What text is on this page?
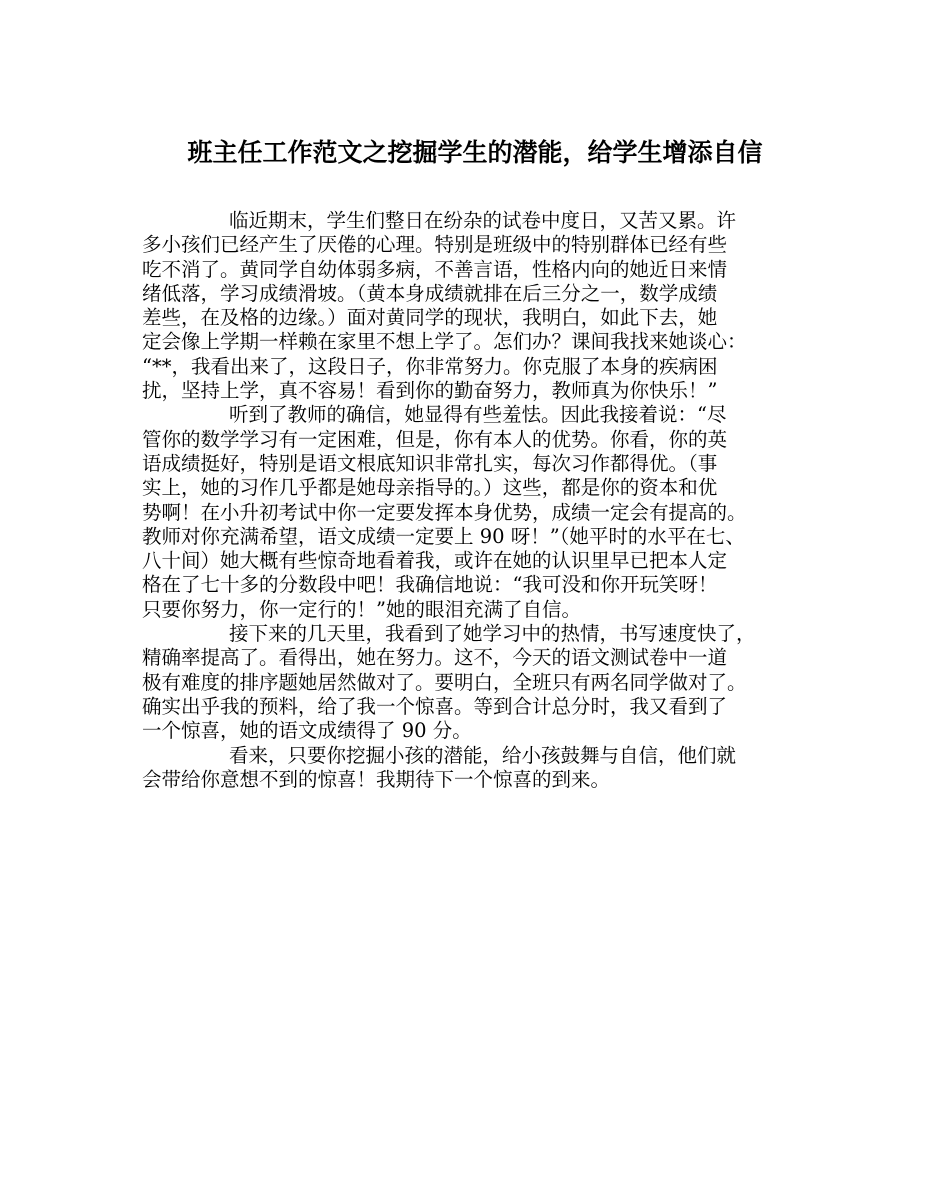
班主任工作范文之挖掘学生的潜能，给学生增添自信
临近期末，学生们整日在纷杂的试卷中度日，又苦又累。许
多小孩们已经产生了厌倦的心理。特别是班级中的特别群体已经有些
吃不消了。黄同学自幼体弱多病，不善言语，性格内向的她近日来情
绪低落，学习成绩滑坡。（黄本身成绩就排在后三分之一，数学成绩
差些，在及格的边缘。）面对黄同学的现状，我明白，如此下去，她
定会像上学期一样赖在家里不想上学了。怎们办？课间我找来她谈心：
“**，我看出来了，这段日子，你非常努力。你克服了本身的疾病困
扰，坚持上学，真不容易！看到你的勤奋努力，教师真为你快乐！”
听到了教师的确信，她显得有些羞怯。因此我接着说：“尽
管你的数学学习有一定困难，但是，你有本人的优势。你看，你的英
语成绩挺好，特别是语文根底知识非常扎实，每次习作都得优。（事
实上，她的习作几乎都是她母亲指导的。）这些，都是你的资本和优
势啊！在小升初考试中你一定要发挥本身优势，成绩一定会有提高的。
教师对你充满希望，语文成绩一定要上 90 呀！”（她平时的水平在七、
八十间）她大概有些惊奇地看着我，或许在她的认识里早已把本人定
格在了七十多的分数段中吧！我确信地说：“我可没和你开玩笑呀！
只要你努力，你一定行的！”她的眼泪充满了自信。
接下来的几天里，我看到了她学习中的热情，书写速度快了，
精确率提高了。看得出，她在努力。这不，今天的语文测试卷中一道
极有难度的排序题她居然做对了。要明白，全班只有两名同学做对了。
确实出乎我的预料，给了我一个惊喜。等到合计总分时，我又看到了
一个惊喜，她的语文成绩得了 90 分。
看来，只要你挖掘小孩的潜能，给小孩鼓舞与自信，他们就
会带给你意想不到的惊喜！我期待下一个惊喜的到来。
